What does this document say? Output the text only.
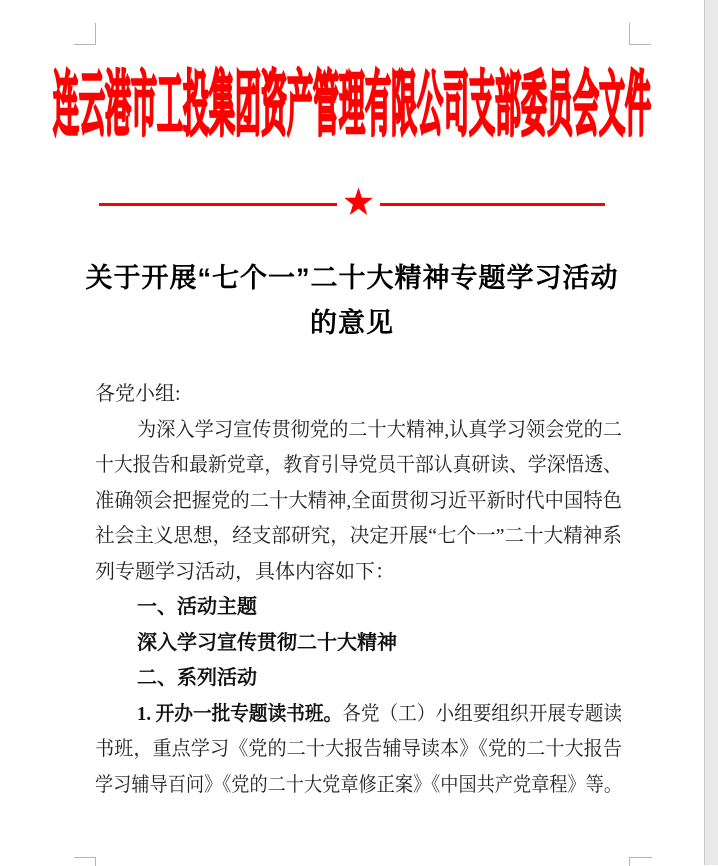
连云港市工投集团资产管理有限公司支部委员会文件
关于开展“七个一”二十大精神专题学习活动
的意见
各党小组:
为深入学习宣传贯彻党的二十大精神,认真学习领会党的二
十大报告和最新党章，教育引导党员干部认真研读、学深悟透、
准确领会把握党的二十大精神,全面贯彻习近平新时代中国特色
社会主义思想，经支部研究，决定开展“七个一”二十大精神系
列专题学习活动，具体内容如下：
一、活动主题
深入学习宣传贯彻二十大精神
二、系列活动
1. 开办一批专题读书班。各党（工）小组要组织开展专题读
书班，重点学习《党的二十大报告辅导读本》《党的二十大报告
学习辅导百问》《党的二十大党章修正案》《中国共产党章程》等。
